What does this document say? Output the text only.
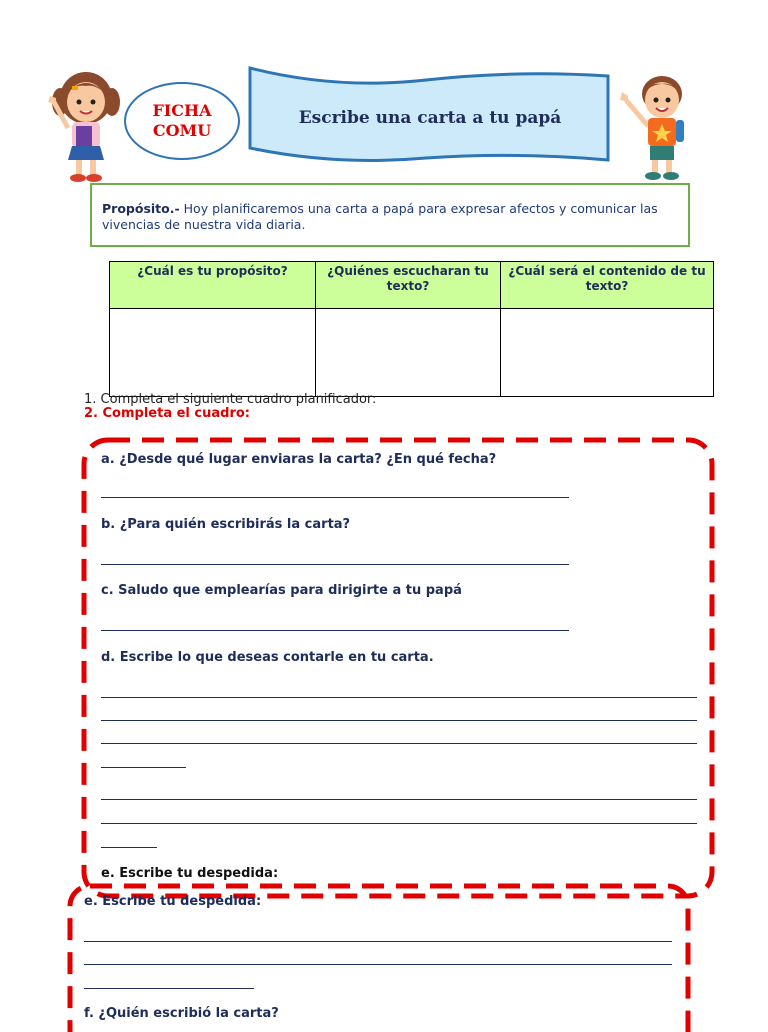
FICHA
COMU
Escribe una carta a tu papá
Propósito.- Hoy planificaremos una carta a papá para expresar afectos y comunicar las vivencias de nuestra vida diaria.
¿Cuál es tu propósito?	¿Quiénes escucharan tu texto?	¿Cuál será el contenido de tu texto?

1. Completa el siguiente cuadro planificador:
2. Completa el cuadro:
a. ¿Desde qué lugar enviaras la carta? ¿En qué fecha?
b. ¿Para quién escribirás la carta?
c. Saludo que emplearías para dirigirte a tu papá
d. Escribe lo que deseas contarle en tu carta.
e. Escribe tu despedida:
e. Escribe tu despedida:
f. ¿Quién escribió la carta?
